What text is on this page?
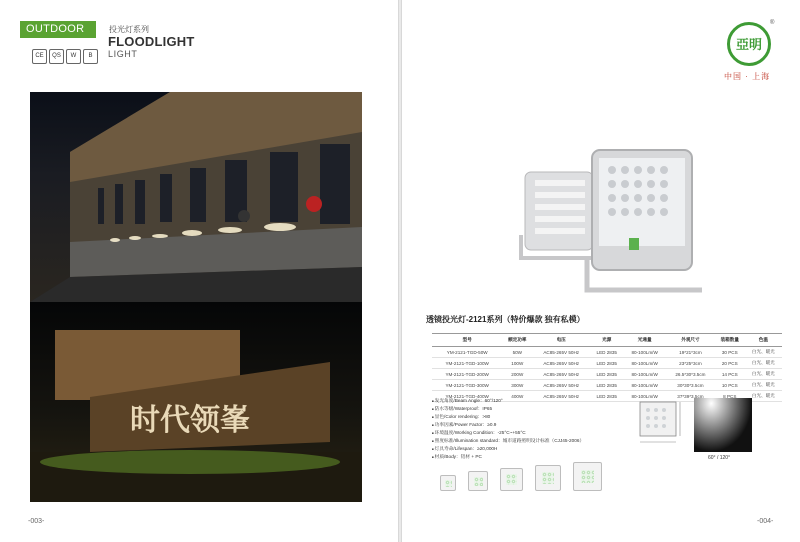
OUTDOOR	投光灯系列
FLOODLIGHT
LIGHT
CE QS W B
时代领峯
-003-
亞明
®
中国 · 上海
透镜投光灯-2121系列（特价爆款 独有私模）
型号	额定功率	电压	光源	光通量	外观尺寸	装箱数量	色温
YM-2121-TGD-50W	50W	AC85-265V 50Hz	LED 2835	80-100Lm/W	19*21*3cm	30 PCS	白光、暖光
YM-2121-TGD-100W	100W	AC85-265V 50Hz	LED 2835	80-100Lm/W	23*25*3cm	20 PCS	白光、暖光
YM-2121-TGD-200W	200W	AC85-265V 50Hz	LED 2835	80-100Lm/W	26.5*30*3.5cm	14 PCS	白光、暖光
YM-2121-TGD-300W	300W	AC85-265V 50Hz	LED 2835	80-100Lm/W	30*30*3.5cm	10 PCS	白光、暖光
YM-2121-TGD-400W	400W	AC85-265V 50Hz	LED 2835	80-100Lm/W	37*39*3.5cm	8 PCS	白光、暖光
■ 发光角度/Beam Angle：60°/120°
■ 防水等级/Waterproof：IP65
■ 显色/Color rendering：>80
■ 功率因素/Power Factor：≥0.9
■ 环境温度/Working Condition：-25°C~+55°C
■ 照度标准/Illumination standard：城市道路照明设计标准（CJJ45-2006）
■ 灯具寿命/Lifespan：≥20,000H
■ 材质/Body：铝材 + PC	60° / 120°
-004-
